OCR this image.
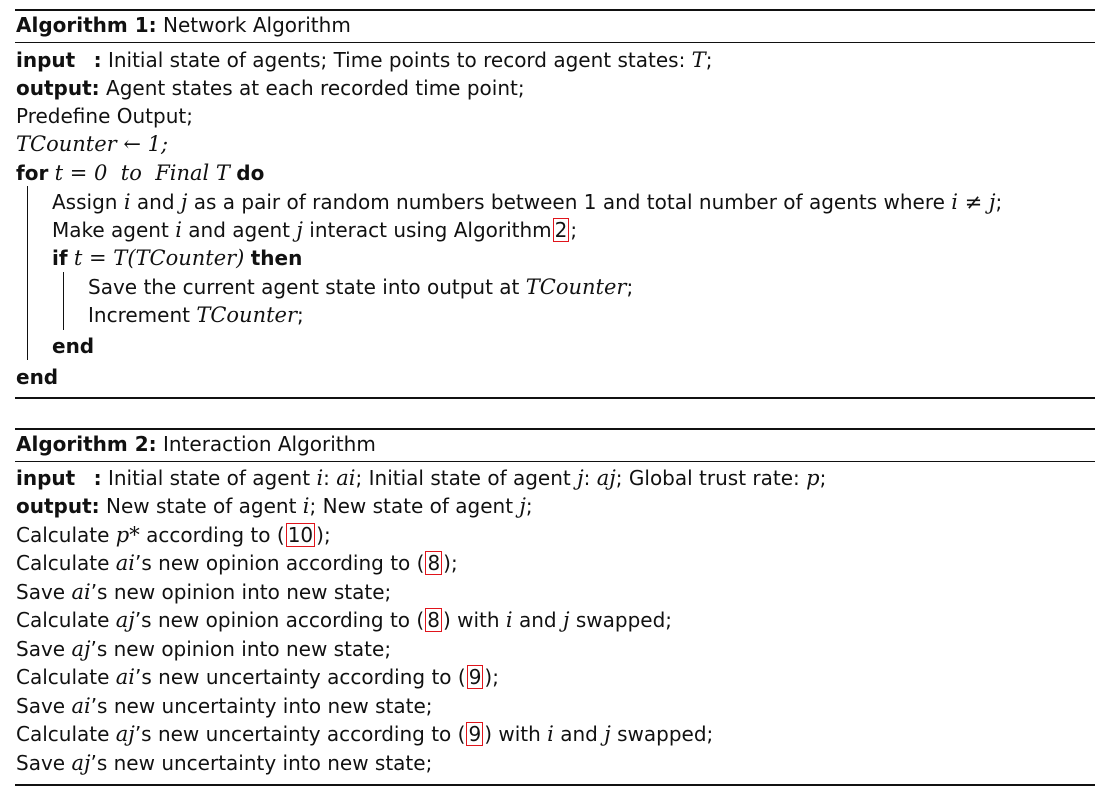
Algorithm 1: Network Algorithm
input : Initial state of agents; Time points to record agent states: T;
output: Agent states at each recorded time point;
Predefine Output;
TCounter ← 1;
for t = 0  to  Final T do
Assign i and j as a pair of random numbers between 1 and total number of agents where i ≠ j;
Make agent i and agent j interact using Algorithm 2 ;
if t = T(TCounter) then
Save the current agent state into output at TCounter;
Increment TCounter;
end
end
Algorithm 2: Interaction Algorithm
input : Initial state of agent i: ai; Initial state of agent j: aj; Global trust rate: p;
output: New state of agent i; New state of agent j;
Calculate p* according to ( 10 );
Calculate ai’s new opinion according to ( 8 );
Save ai’s new opinion into new state;
Calculate aj’s new opinion according to ( 8 ) with i and j swapped;
Save aj’s new opinion into new state;
Calculate ai’s new uncertainty according to ( 9 );
Save ai’s new uncertainty into new state;
Calculate aj’s new uncertainty according to ( 9 ) with i and j swapped;
Save aj’s new uncertainty into new state;
